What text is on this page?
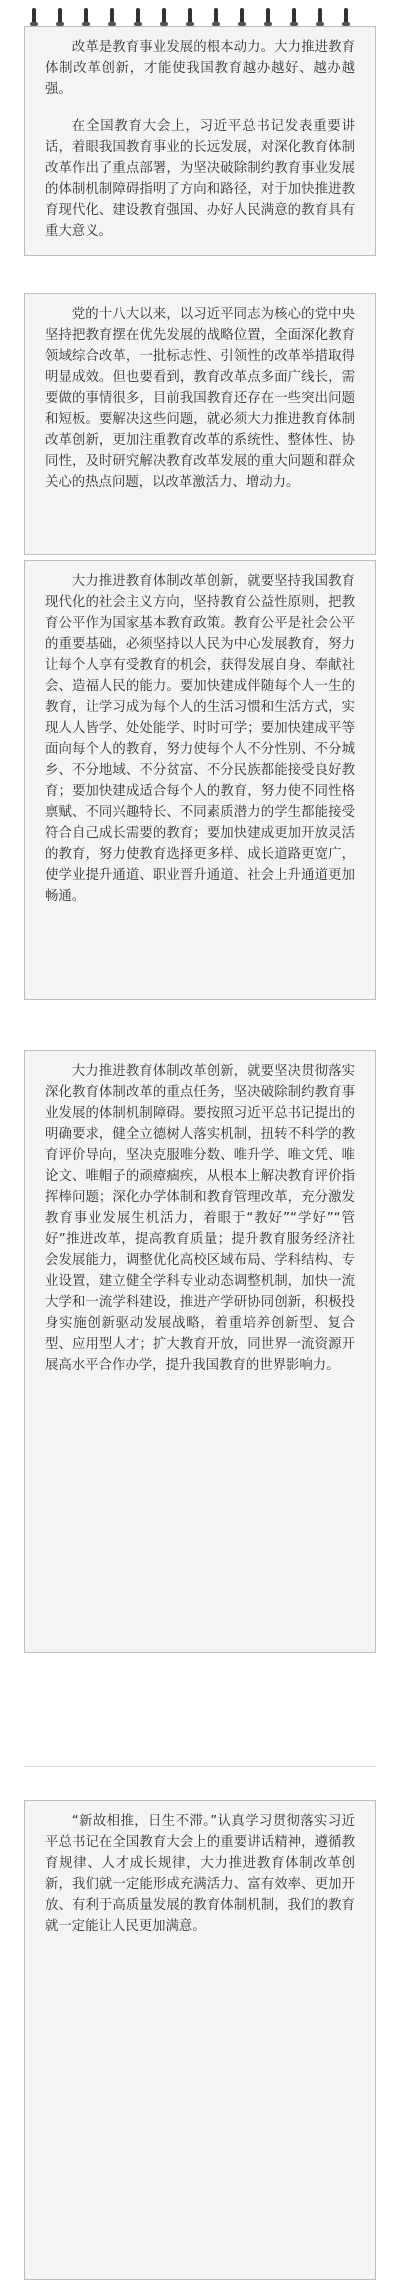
改革是教育事业发展的根本动力。大力推进教育体制改革创新，才能使我国教育越办越好、越办越强。

在全国教育大会上，习近平总书记发表重要讲话，着眼我国教育事业的长远发展，对深化教育体制改革作出了重点部署，为坚决破除制约教育事业发展的体制机制障碍指明了方向和路径，对于加快推进教育现代化、建设教育强国、办好人民满意的教育具有重大意义。

党的十八大以来，以习近平同志为核心的党中央坚持把教育摆在优先发展的战略位置，全面深化教育领域综合改革，一批标志性、引领性的改革举措取得明显成效。但也要看到，教育改革点多面广线长，需要做的事情很多，目前我国教育还存在一些突出问题和短板。要解决这些问题，就必须大力推进教育体制改革创新，更加注重教育改革的系统性、整体性、协同性，及时研究解决教育改革发展的重大问题和群众关心的热点问题，以改革激活力、增动力。

大力推进教育体制改革创新，就要坚持我国教育现代化的社会主义方向，坚持教育公益性原则，把教育公平作为国家基本教育政策。教育公平是社会公平的重要基础，必须坚持以人民为中心发展教育，努力让每个人享有受教育的机会，获得发展自身、奉献社会、造福人民的能力。要加快建成伴随每个人一生的教育，让学习成为每个人的生活习惯和生活方式，实现人人皆学、处处能学、时时可学；要加快建成平等面向每个人的教育，努力使每个人不分性别、不分城乡、不分地域、不分贫富、不分民族都能接受良好教育；要加快建成适合每个人的教育，努力使不同性格禀赋、不同兴趣特长、不同素质潜力的学生都能接受符合自己成长需要的教育；要加快建成更加开放灵活的教育，努力使教育选择更多样、成长道路更宽广，使学业提升通道、职业晋升通道、社会上升通道更加畅通。

大力推进教育体制改革创新，就要坚决贯彻落实深化教育体制改革的重点任务，坚决破除制约教育事业发展的体制机制障碍。要按照习近平总书记提出的明确要求，健全立德树人落实机制，扭转不科学的教育评价导向，坚决克服唯分数、唯升学、唯文凭、唯论文、唯帽子的顽瘴痼疾，从根本上解决教育评价指挥棒问题；深化办学体制和教育管理改革，充分激发教育事业发展生机活力，着眼于“教好”“学好”“管好”推进改革，提高教育质量；提升教育服务经济社会发展能力，调整优化高校区域布局、学科结构、专业设置，建立健全学科专业动态调整机制，加快一流大学和一流学科建设，推进产学研协同创新，积极投身实施创新驱动发展战略，着重培养创新型、复合型、应用型人才；扩大教育开放，同世界一流资源开展高水平合作办学，提升我国教育的世界影响力。

“新故相推，日生不滞。”认真学习贯彻落实习近平总书记在全国教育大会上的重要讲话精神，遵循教育规律、人才成长规律，大力推进教育体制改革创新，我们就一定能形成充满活力、富有效率、更加开放、有利于高质量发展的教育体制机制，我们的教育就一定能让人民更加满意。
